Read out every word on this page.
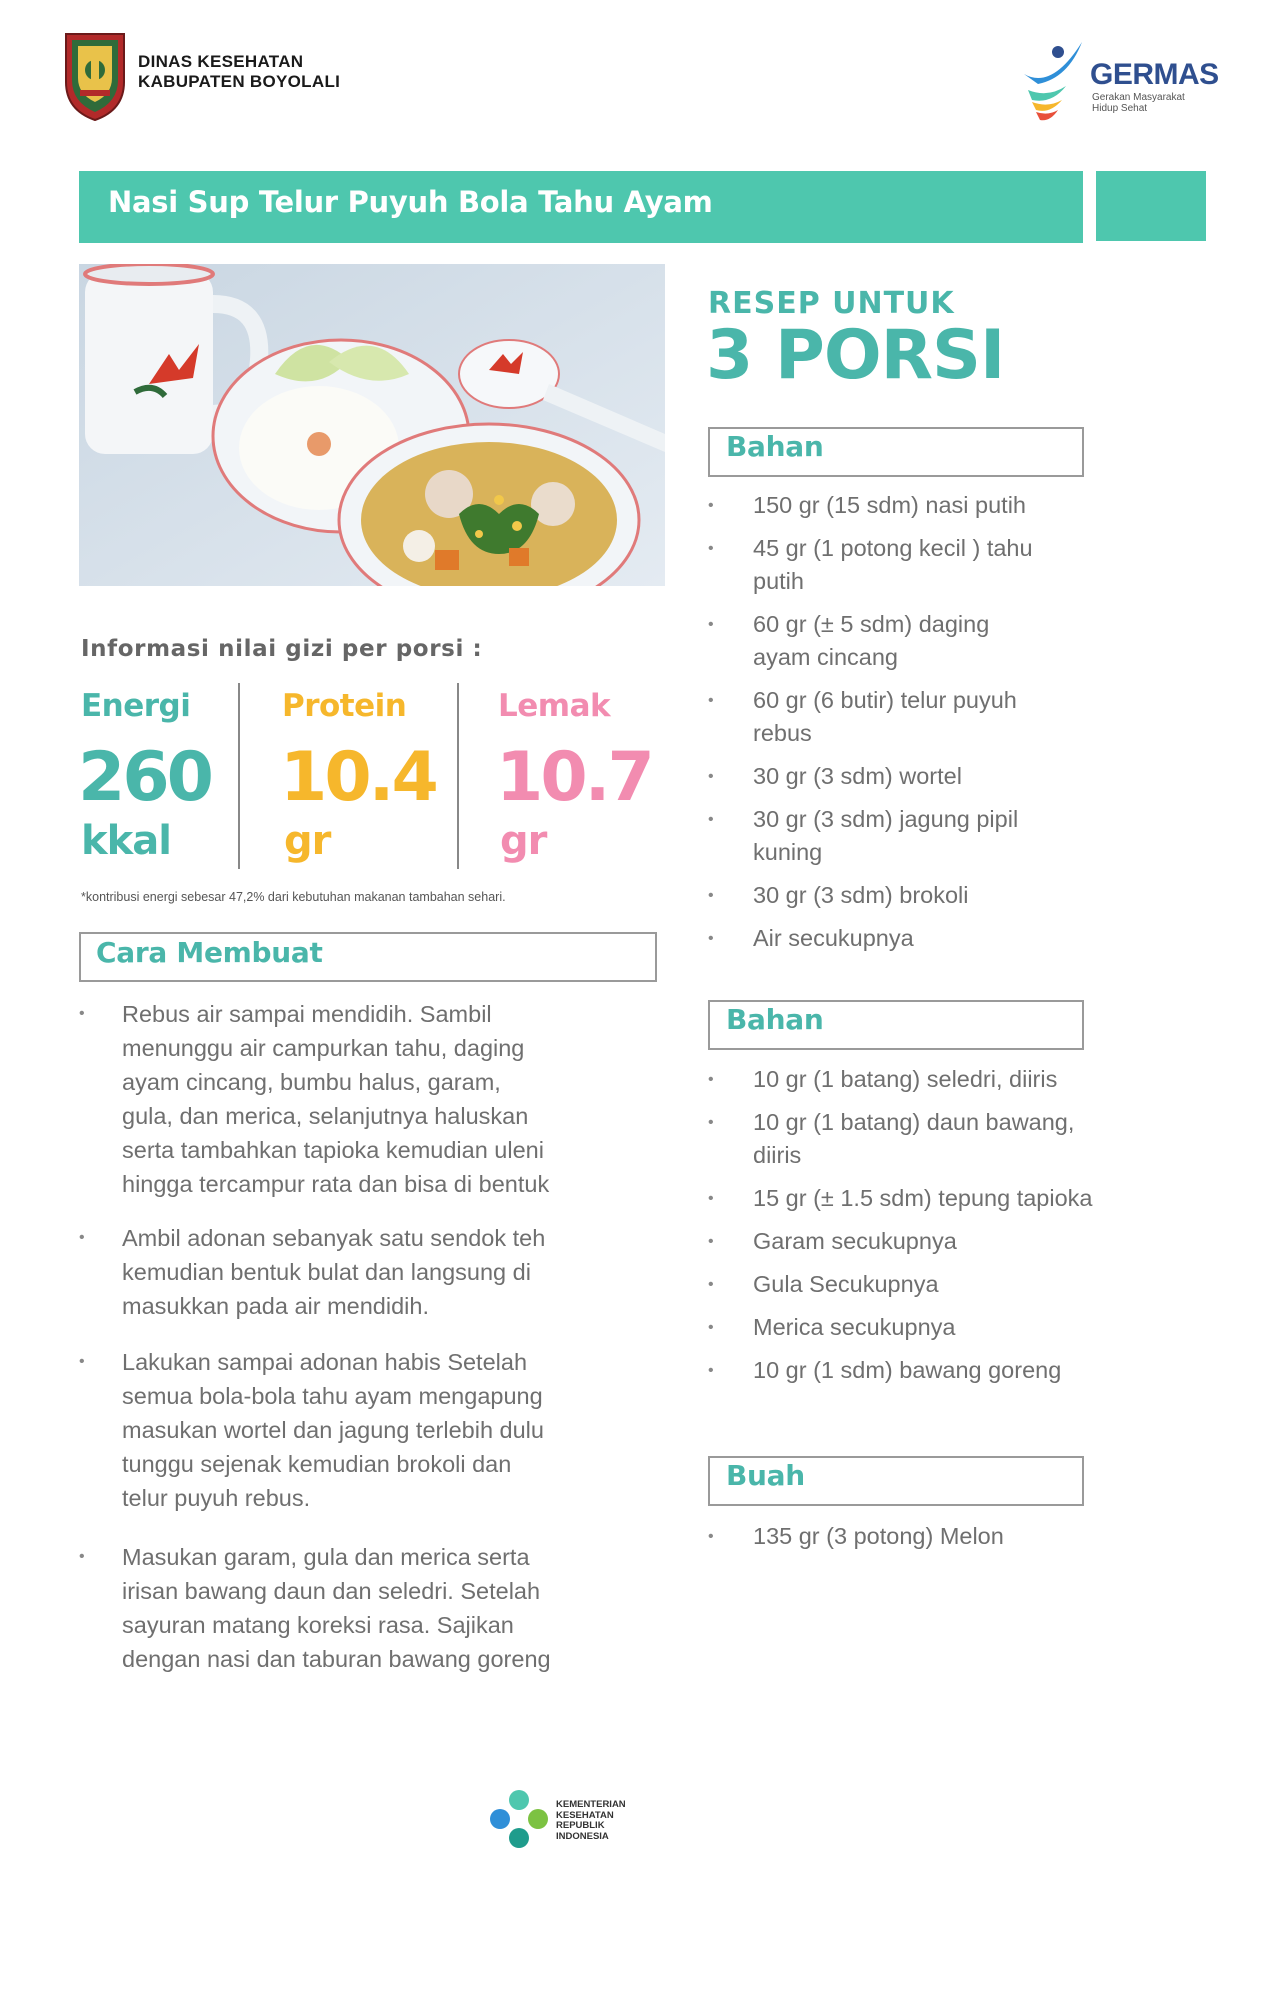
DINAS KESEHATAN
KABUPATEN BOYOLALI	GERMAS
Gerakan Masyarakat
Hidup Sehat
Nasi Sup Telur Puyuh Bola Tahu Ayam
Informasi nilai gizi per porsi :
Energi
260
kkal
Protein
10.4
gr
Lemak
10.7
gr
*kontribusi energi sebesar 47,2% dari kebutuhan makanan tambahan sehari.
Cara Membuat
• Rebus air sampai mendidih. Sambil
menunggu air campurkan tahu, daging
ayam cincang, bumbu halus, garam,
gula, dan merica, selanjutnya haluskan
serta tambahkan tapioka kemudian uleni
hingga tercampur rata dan bisa di bentuk
• Ambil adonan sebanyak satu sendok teh
kemudian bentuk bulat dan langsung di
masukkan pada air mendidih.
• Lakukan sampai adonan habis Setelah
semua bola-bola tahu ayam mengapung
masukan wortel dan jagung terlebih dulu
tunggu sejenak kemudian brokoli dan
telur puyuh rebus.
• Masukan garam, gula dan merica serta
irisan bawang daun dan seledri. Setelah
sayuran matang koreksi rasa. Sajikan
dengan nasi dan taburan bawang goreng
RESEP UNTUK
3 PORSI
Bahan
• 150 gr (15 sdm) nasi putih
• 45 gr (1 potong kecil ) tahu
putih
• 60 gr (± 5 sdm) daging
ayam cincang
• 60 gr (6 butir) telur puyuh
rebus
• 30 gr (3 sdm) wortel
• 30 gr (3 sdm) jagung pipil
kuning
• 30 gr (3 sdm) brokoli
• Air secukupnya
Bahan
• 10 gr (1 batang) seledri, diiris
• 10 gr (1 batang) daun bawang,
diiris
• 15 gr (± 1.5 sdm) tepung tapioka
• Garam secukupnya
• Gula Secukupnya
• Merica secukupnya
• 10 gr (1 sdm) bawang goreng
Buah
• 135 gr (3 potong) Melon
KEMENTERIAN
KESEHATAN
REPUBLIK
INDONESIA
